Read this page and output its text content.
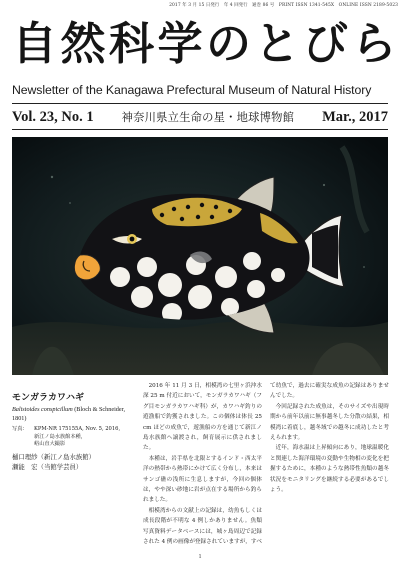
2017 年 3 月 15 日発行　年 4 回発行　通巻 86 号　PRINT ISSN 1341-545X　ONLINE ISSN 2189-5023
自然科学のとびら
Newsletter of the Kanagawa Prefectural Museum of Natural History
Vol. 23, No. 1 神奈川県立生命の星・地球博物館 Mar., 2017
モンガラカワハギ
Balistoides conspicillum (Bloch & Schneider, 1801)
写真： KPM-NR 175155A, Nov. 5, 2016,
新江ノ島水族館本種，
峪山直大撮影
樋口理紗（新江ノ島水族館）
瀬能　宏（当館学芸員）

2016 年 11 月 3 日，相模湾の七里ヶ浜沖水深 25 m 付近において，モンガラカワハギ（フグ目モンガラカワハギ科）が，カワハギ釣りの遊漁船で釣獲されました。この個体は体長 25 cm ほどの成魚で，遊漁船の方を通じて新江ノ島水族館へ譲渡され，飼育展示に供されました。

本種は，岩手県を北限とするインド・西太平洋の熱帯から熱帯にかけて広く分布し，本来はサンゴ礁の浅所に生息しますが，今回の個体は，やや深い砂地に岩が点在する場所から釣られました。

相模湾からの文献上の記録は，幼魚もしくは成長段階が不明な 4 例しかありません。魚類写真資料データベースには，城ヶ島周辺で記録された 4 例の画像が登録されていますが，すべて幼魚で，過去に確実な成魚の記録はありませんでした。

今回記録された成魚は，そのサイズや出現時期から前年以前に無事越冬した分散の結果，相模湾に着底し，越冬域での越冬に成功したと考えられます。

近年，海水温は上昇傾向にあり，地球温暖化と関連した海洋環境の変動や生物相の変化を把握するために，本種のような熱帯性魚類の越冬状況をモニタリングを継続する必要があるでしょう。

1
